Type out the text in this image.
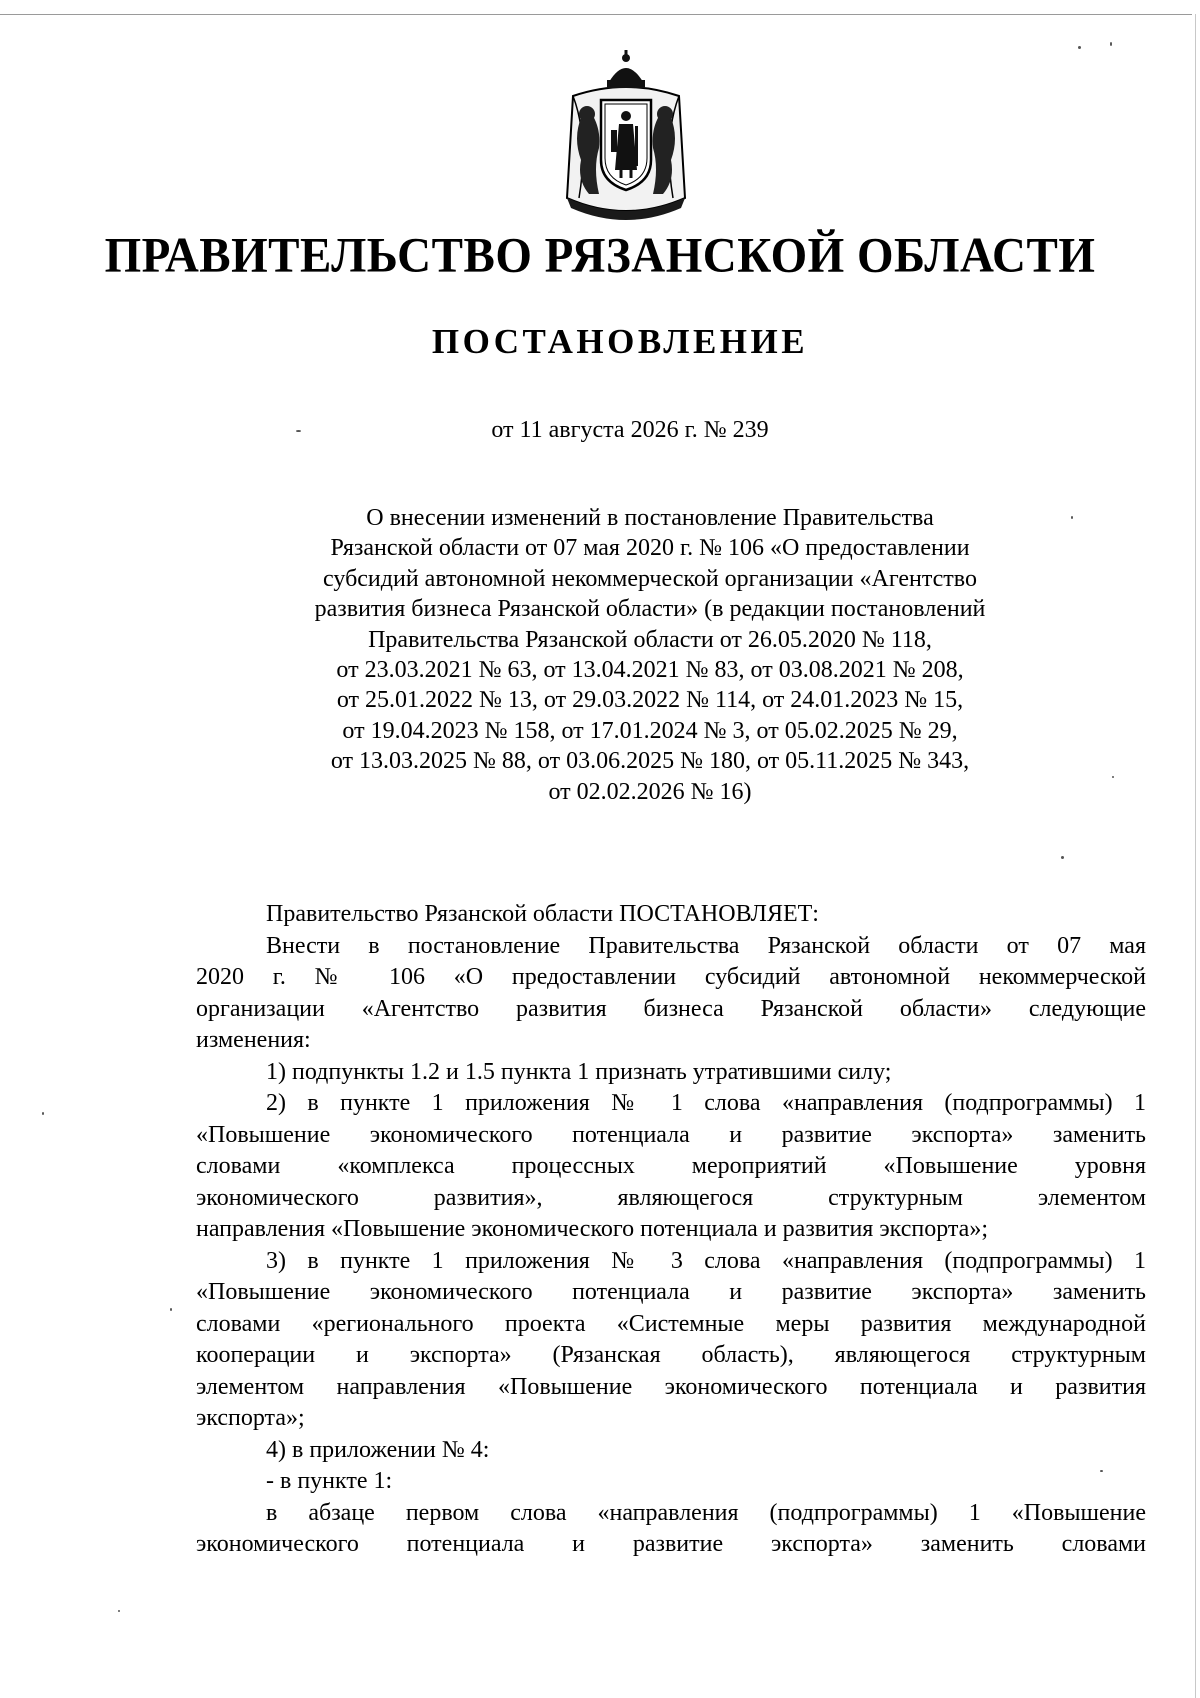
ПРАВИТЕЛЬСТВО РЯЗАНСКОЙ ОБЛАСТИ
ПОСТАНОВЛЕНИЕ
от 11 августа 2026 г. № 239
О внесении изменений в постановление Правительства
Рязанской области от 07 мая 2020 г. № 106 «О предоставлении
субсидий автономной некоммерческой организации «Агентство
развития бизнеса Рязанской области» (в редакции постановлений
Правительства Рязанской области от 26.05.2020 № 118,
от 23.03.2021 № 63, от 13.04.2021 № 83, от 03.08.2021 № 208,
от 25.01.2022 № 13, от 29.03.2022 № 114, от 24.01.2023 № 15,
от 19.04.2023 № 158, от 17.01.2024 № 3, от 05.02.2025 № 29,
от 13.03.2025 № 88, от 03.06.2025 № 180, от 05.11.2025 № 343,
от 02.02.2026 № 16)
Правительство Рязанской области ПОСТАНОВЛЯЕТ:
Внести в постановление Правительства Рязанской области от 07 мая
2020 г. № 106 «О предоставлении субсидий автономной некоммерческой
организации «Агентство развития бизнеса Рязанской области» следующие
изменения:
1) подпункты 1.2 и 1.5 пункта 1 признать утратившими силу;
2) в пункте 1 приложения № 1 слова «направления (подпрограммы) 1
«Повышение экономического потенциала и развитие экспорта» заменить
словами «комплекса процессных мероприятий «Повышение уровня
экономического развития», являющегося структурным элементом
направления «Повышение экономического потенциала и развития экспорта»;
3) в пункте 1 приложения № 3 слова «направления (подпрограммы) 1
«Повышение экономического потенциала и развитие экспорта» заменить
словами «регионального проекта «Системные меры развития международной
кооперации и экспорта» (Рязанская область), являющегося структурным
элементом направления «Повышение экономического потенциала и развития
экспорта»;
4) в приложении № 4:
- в пункте 1:
в абзаце первом слова «направления (подпрограммы) 1 «Повышение
экономического потенциала и развитие экспорта» заменить словами
